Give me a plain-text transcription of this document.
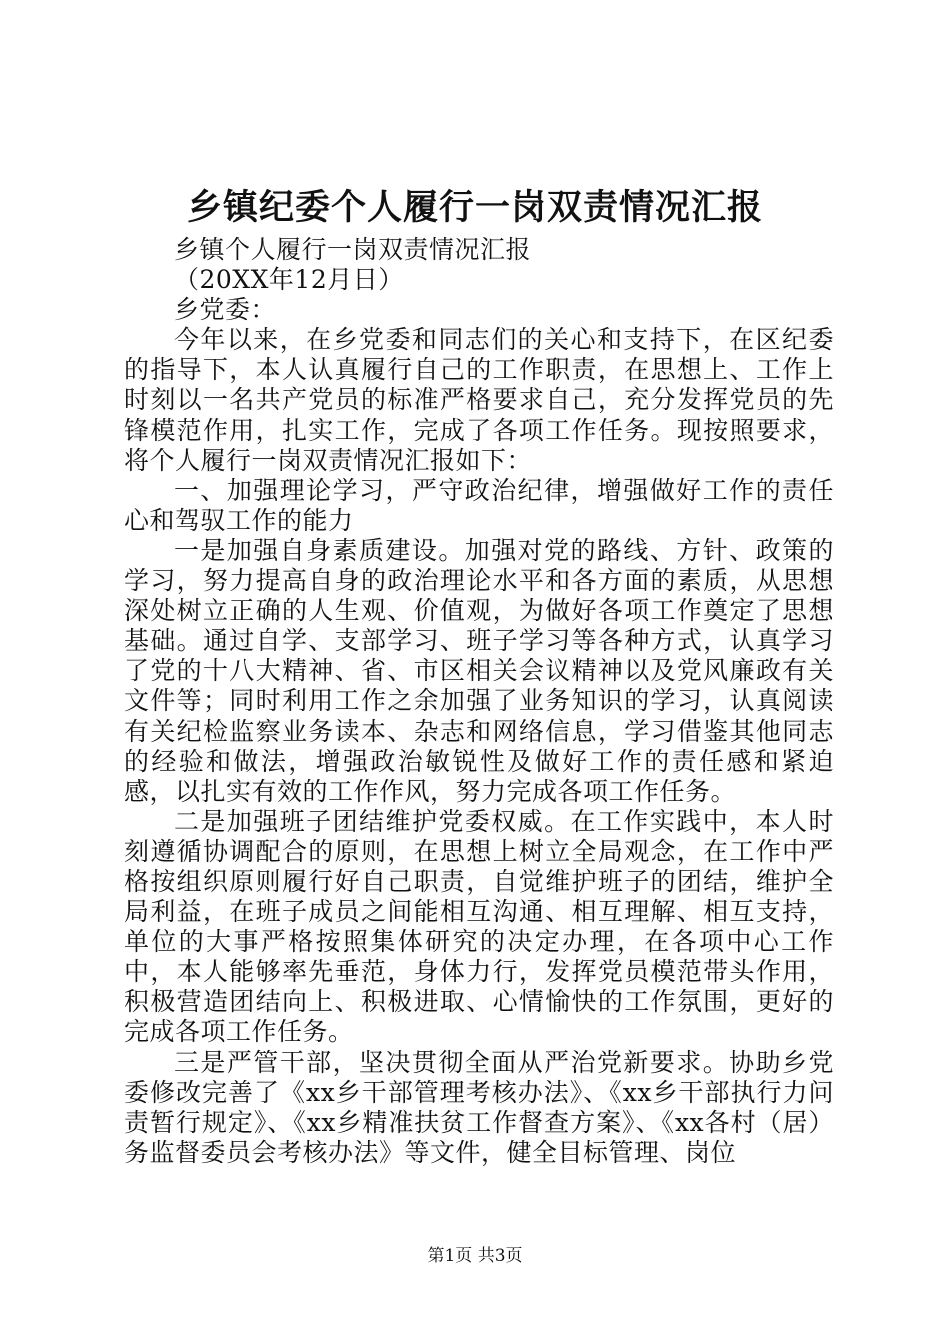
乡镇纪委个人履行一岗双责情况汇报

乡镇个人履行一岗双责情况汇报

（20XX年12月日）

乡党委：

今年以来，在乡党委和同志们的关心和支持下，在区纪委的指导下，本人认真履行自己的工作职责，在思想上、工作上时刻以一名共产党员的标准严格要求自己，充分发挥党员的先锋模范作用，扎实工作，完成了各项工作任务。现按照要求，将个人履行一岗双责情况汇报如下：

一、加强理论学习，严守政治纪律，增强做好工作的责任心和驾驭工作的能力

一是加强自身素质建设。加强对党的路线、方针、政策的学习，努力提高自身的政治理论水平和各方面的素质，从思想深处树立正确的人生观、价值观，为做好各项工作奠定了思想基础。通过自学、支部学习、班子学习等各种方式，认真学习了党的十八大精神、省、市区相关会议精神以及党风廉政有关文件等；同时利用工作之余加强了业务知识的学习，认真阅读有关纪检监察业务读本、杂志和网络信息，学习借鉴其他同志的经验和做法，增强政治敏锐性及做好工作的责任感和紧迫感，以扎实有效的工作作风，努力完成各项工作任务。

二是加强班子团结维护党委权威。在工作实践中，本人时刻遵循协调配合的原则，在思想上树立全局观念，在工作中严格按组织原则履行好自己职责，自觉维护班子的团结，维护全局利益，在班子成员之间能相互沟通、相互理解、相互支持，单位的大事严格按照集体研究的决定办理，在各项中心工作中，本人能够率先垂范，身体力行，发挥党员模范带头作用，积极营造团结向上、积极进取、心情愉快的工作氛围，更好的完成各项工作任务。

三是严管干部，坚决贯彻全面从严治党新要求。协助乡党委修改完善了《xx乡干部管理考核办法》、《xx乡干部执行力问责暂行规定》、《xx乡精准扶贫工作督查方案》、《xx各村（居）务监督委员会考核办法》等文件，健全目标管理、岗位

第1页 共3页
